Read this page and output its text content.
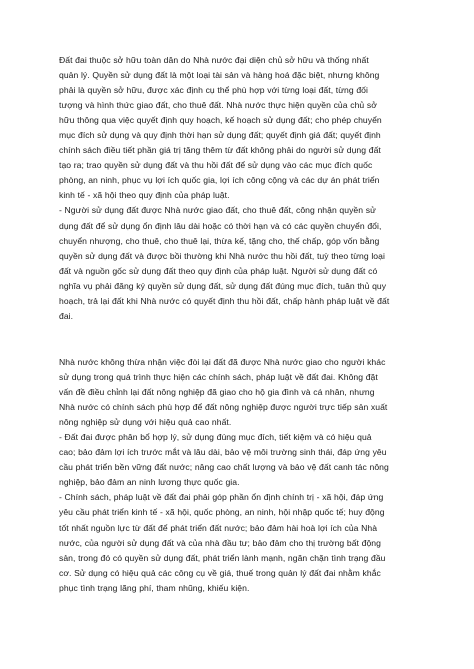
Đất đai thuộc sở hữu toàn dân do Nhà nước đại diện chủ sở hữu và thống nhất
quản lý. Quyền sử dụng đất là một loại tài sản và hàng hoá đặc biệt, nhưng không
phải là quyền sở hữu, được xác định cụ thể phù hợp với từng loại đất, từng đối
tượng và hình thức giao đất, cho thuê đất. Nhà nước thực hiện quyền của chủ sở
hữu thông qua việc quyết định quy hoạch, kế hoạch sử dụng đất; cho phép chuyển
mục đích sử dụng và quy định thời hạn sử dụng đất; quyết định giá đất; quyết định
chính sách điều tiết phần giá trị tăng thêm từ đất không phải do người sử dụng đất
tạo ra; trao quyền sử dụng đất và thu hồi đất để sử dụng vào các mục đích quốc
phòng, an ninh, phục vụ lợi ích quốc gia, lợi ích công cộng và các dự án phát triển
kinh tế - xã hội theo quy định của pháp luật.
- Người sử dụng đất được Nhà nước giao đất, cho thuê đất, công nhận quyền sử
dụng đất để sử dụng ổn định lâu dài hoặc có thời hạn và có các quyền chuyển đổi,
chuyển nhượng, cho thuê, cho thuê lại, thừa kế, tặng cho, thế chấp, góp vốn bằng
quyền sử dụng đất và được bồi thường khi Nhà nước thu hồi đất, tuỳ theo từng loại
đất và nguồn gốc sử dụng đất theo quy định của pháp luật. Người sử dụng đất có
nghĩa vụ phải đăng ký quyền sử dụng đất, sử dụng đất đúng mục đích, tuân thủ quy
hoạch, trả lại đất khi Nhà nước có quyết định thu hồi đất, chấp hành pháp luật về đất
đai.

Nhà nước không thừa nhận việc đòi lại đất đã được Nhà nước giao cho người khác
sử dụng trong quá trình thực hiện các chính sách, pháp luật về đất đai. Không đặt
vấn đề điều chỉnh lại đất nông nghiệp đã giao cho hộ gia đình và cá nhân, nhưng
Nhà nước có chính sách phù hợp để đất nông nghiệp được người trực tiếp sản xuất
nông nghiệp sử dụng với hiệu quả cao nhất.
- Đất đai được phân bổ hợp lý, sử dụng đúng mục đích, tiết kiệm và có hiệu quả
cao; bảo đảm lợi ích trước mắt và lâu dài, bảo vệ môi trường sinh thái, đáp ứng yêu
cầu phát triển bền vững đất nước; nâng cao chất lượng và bảo vệ đất canh tác nông
nghiệp, bảo đảm an ninh lương thực quốc gia.
- Chính sách, pháp luật về đất đai phải góp phần ổn định chính trị - xã hội, đáp ứng
yêu cầu phát triển kinh tế - xã hội, quốc phòng, an ninh, hội nhập quốc tế; huy động
tốt nhất nguồn lực từ đất để phát triển đất nước; bảo đảm hài hoà lợi ích của Nhà
nước, của người sử dụng đất và của nhà đầu tư; bảo đảm cho thị trường bất động
sản, trong đó có quyền sử dụng đất, phát triển lành mạnh, ngăn chặn tình trạng đầu
cơ. Sử dụng có hiệu quả các công cụ về giá, thuế trong quản lý đất đai nhằm khắc
phục tình trạng lãng phí, tham nhũng, khiếu kiện.
